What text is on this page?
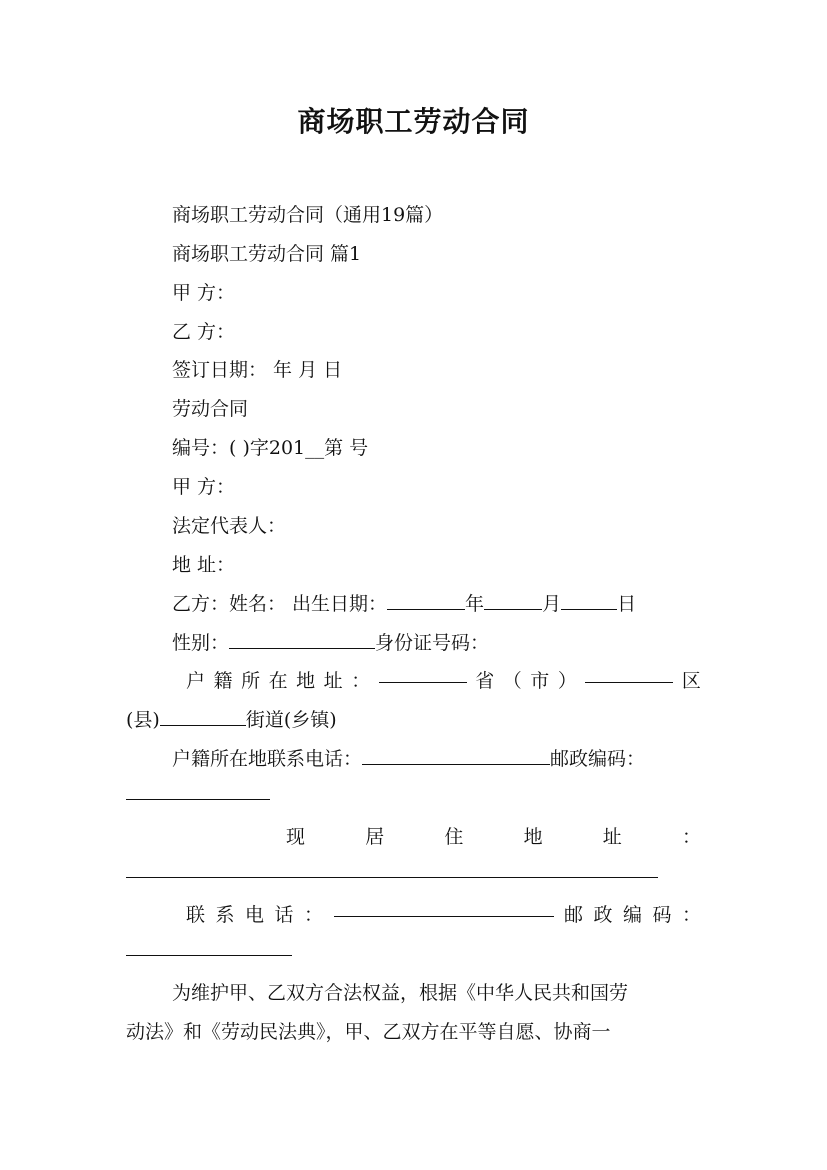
商场职工劳动合同
商场职工劳动合同（通用19篇）
商场职工劳动合同 篇1
甲 方：
乙 方：
签订日期： 年 月 日
劳动合同
编号：( )字201__第 号
甲 方：
法定代表人：
地 址：
乙方：姓名： 出生日期：	年	月	日
性别：	身份证号码：
户 籍 所 在 地 址 ：	省 （ 市 ）	区
(县)	街道(乡镇)
户籍所在地联系电话：	邮政编码：
现	居	住	地	址	：
联 系 电 话 ：	邮 政 编 码 ：
为维护甲、乙双方合法权益，根据《中华人民共和国劳
动法》和《劳动民法典》，甲、乙双方在平等自愿、协商一
